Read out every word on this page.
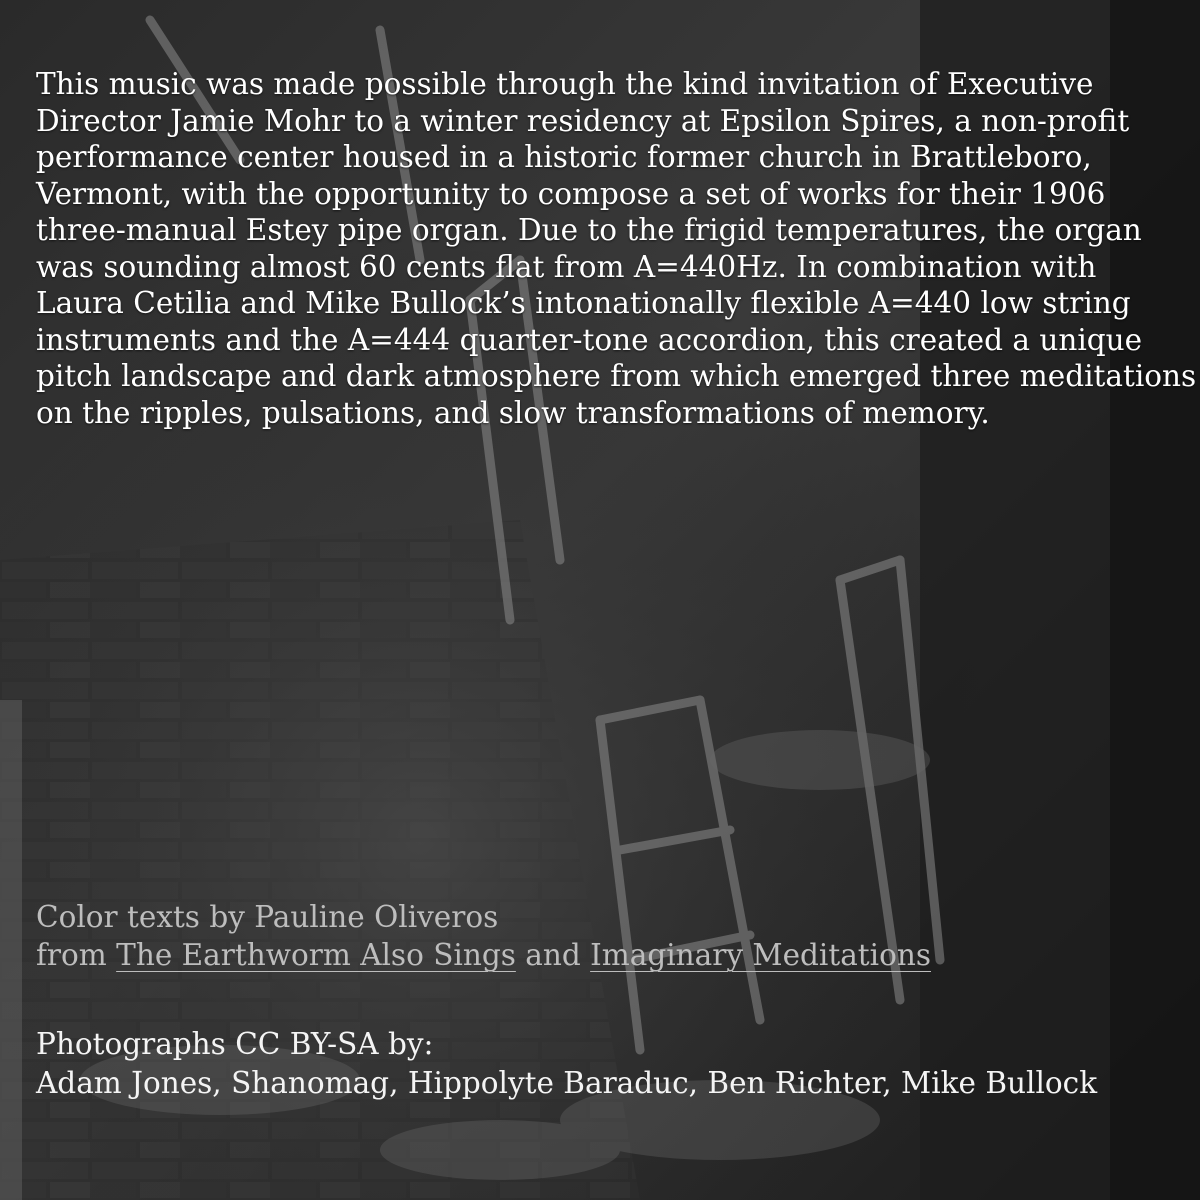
This music was made possible through the kind invitation of Executive
Director Jamie Mohr to a winter residency at Epsilon Spires, a non-profit
performance center housed in a historic former church in Brattleboro,
Vermont, with the opportunity to compose a set of works for their 1906
three-manual Estey pipe organ. Due to the frigid temperatures, the organ
was sounding almost 60 cents flat from A=440Hz. In combination with
Laura Cetilia and Mike Bullock’s intonationally flexible A=440 low string
instruments and the A=444 quarter-tone accordion, this created a unique
pitch landscape and dark atmosphere from which emerged three meditations
on the ripples, pulsations, and slow transformations of memory.

Color texts by Pauline Oliveros
from The Earthworm Also Sings and Imaginary Meditations
Photographs CC BY-SA by:
Adam Jones, Shanomag, Hippolyte Baraduc, Ben Richter, Mike Bullock
